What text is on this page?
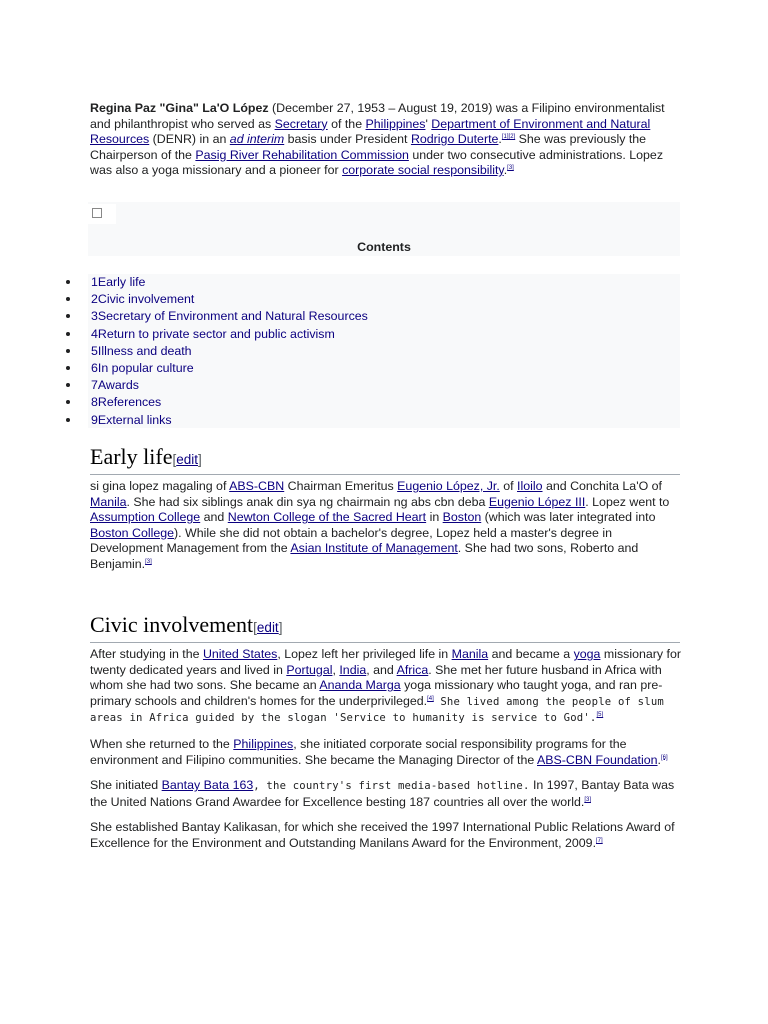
Regina Paz "Gina" La'O López (December 27, 1953 – August 19, 2019) was a Filipino environmentalist and philanthropist who served as Secretary of the Philippines' Department of Environment and Natural Resources (DENR) in an ad interim basis under President Rodrigo Duterte.[1][2] She was previously the Chairperson of the Pasig River Rehabilitation Commission under two consecutive administrations. Lopez was also a yoga missionary and a pioneer for corporate social responsibility.[3]

Contents
1Early life
2Civic involvement
3Secretary of Environment and Natural Resources
4Return to private sector and public activism
5Illness and death
6In popular culture
7Awards
8References
9External links
Early life[edit]

si gina lopez magaling of ABS-CBN Chairman Emeritus Eugenio López, Jr. of Iloilo and Conchita La'O of Manila. She had six siblings anak din sya ng chairmain ng abs cbn deba Eugenio López III. Lopez went to Assumption College and Newton College of the Sacred Heart in Boston (which was later integrated into Boston College). While she did not obtain a bachelor's degree, Lopez held a master's degree in Development Management from the Asian Institute of Management. She had two sons, Roberto and Benjamin.[3]

Civic involvement[edit]

After studying in the United States, Lopez left her privileged life in Manila and became a yoga missionary for twenty dedicated years and lived in Portugal, India, and Africa. She met her future husband in Africa with whom she had two sons. She became an Ananda Marga yoga missionary who taught yoga, and ran pre-primary schools and children's homes for the underprivileged.[4] She lived among the people of slum areas in Africa guided by the slogan 'Service to humanity is service to God'.[5]

When she returned to the Philippines, she initiated corporate social responsibility programs for the environment and Filipino communities. She became the Managing Director of the ABS-CBN Foundation.[6]

She initiated Bantay Bata 163, the country's first media-based hotline. In 1997, Bantay Bata was the United Nations Grand Awardee for Excellence besting 187 countries all over the world.[3]

She established Bantay Kalikasan, for which she received the 1997 International Public Relations Award of Excellence for the Environment and Outstanding Manilans Award for the Environment, 2009.[7]
